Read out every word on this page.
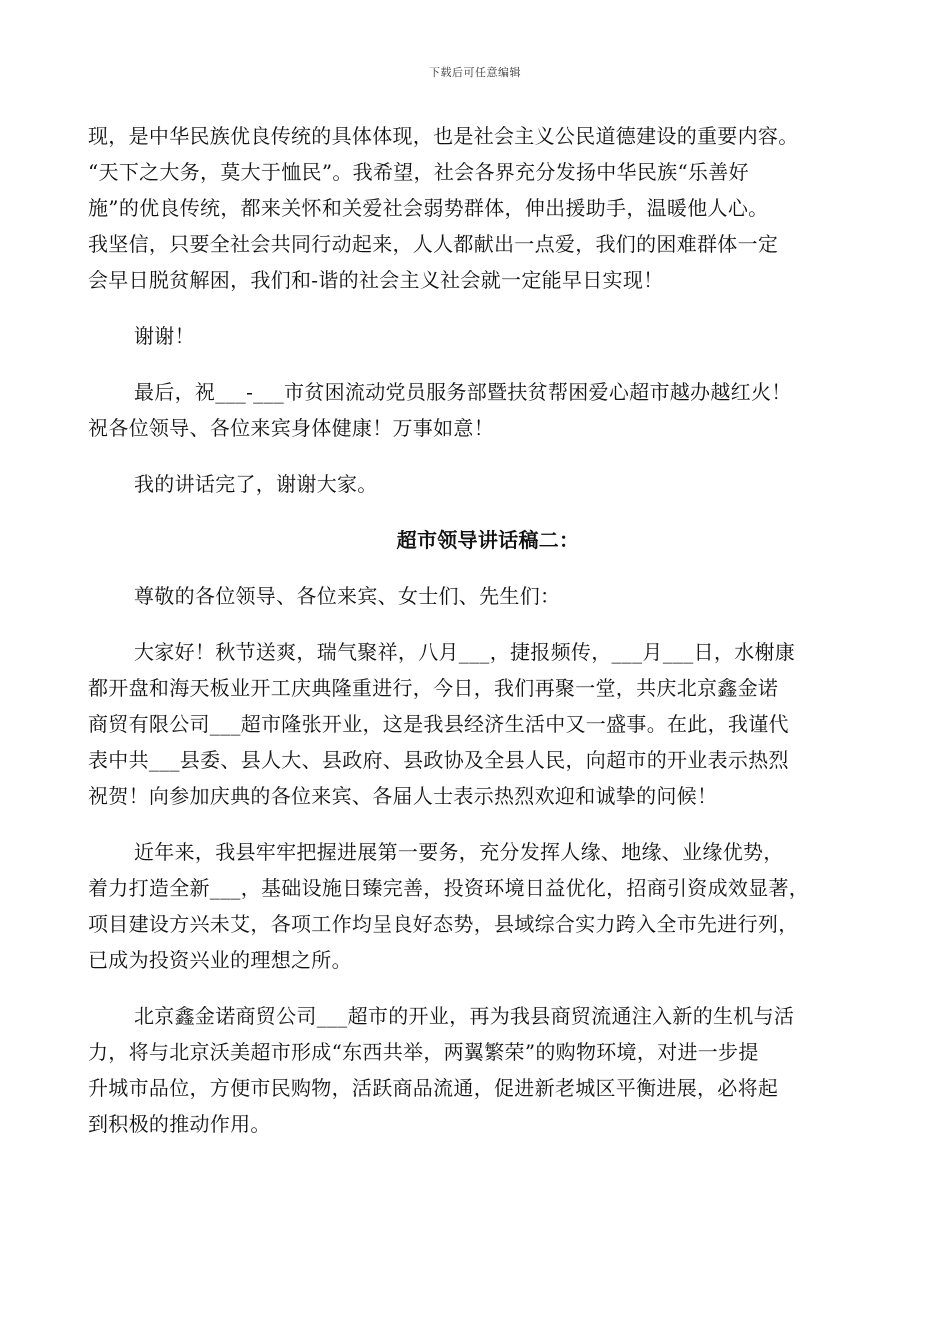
下载后可任意编辑
现，是中华民族优良传统的具体体现，也是社会主义公民道德建设的重要内容。
“天下之大务，莫大于恤民”。我希望，社会各界充分发扬中华民族“乐善好
施”的优良传统，都来关怀和关爱社会弱势群体，伸出援助手，温暖他人心。
我坚信，只要全社会共同行动起来，人人都献出一点爱，我们的困难群体一定
会早日脱贫解困，我们和-谐的社会主义社会就一定能早日实现！
谢谢！
最后，祝___-___市贫困流动党员服务部暨扶贫帮困爱心超市越办越红火！
祝各位领导、各位来宾身体健康！万事如意！
我的讲话完了，谢谢大家。
超市领导讲话稿二：
尊敬的各位领导、各位来宾、女士们、先生们：
大家好！秋节送爽，瑞气聚祥，八月___，捷报频传，___月___日，水榭康
都开盘和海天板业开工庆典隆重进行，今日，我们再聚一堂，共庆北京鑫金诺
商贸有限公司___超市隆张开业，这是我县经济生活中又一盛事。在此，我谨代
表中共___县委、县人大、县政府、县政协及全县人民，向超市的开业表示热烈
祝贺！向参加庆典的各位来宾、各届人士表示热烈欢迎和诚挚的问候！
近年来，我县牢牢把握进展第一要务，充分发挥人缘、地缘、业缘优势，
着力打造全新___，基础设施日臻完善，投资环境日益优化，招商引资成效显著，
项目建设方兴未艾，各项工作均呈良好态势，县域综合实力跨入全市先进行列，
已成为投资兴业的理想之所。
北京鑫金诺商贸公司___超市的开业，再为我县商贸流通注入新的生机与活
力，将与北京沃美超市形成“东西共举，两翼繁荣”的购物环境，对进一步提
升城市品位，方便市民购物，活跃商品流通，促进新老城区平衡进展，必将起
到积极的推动作用。
